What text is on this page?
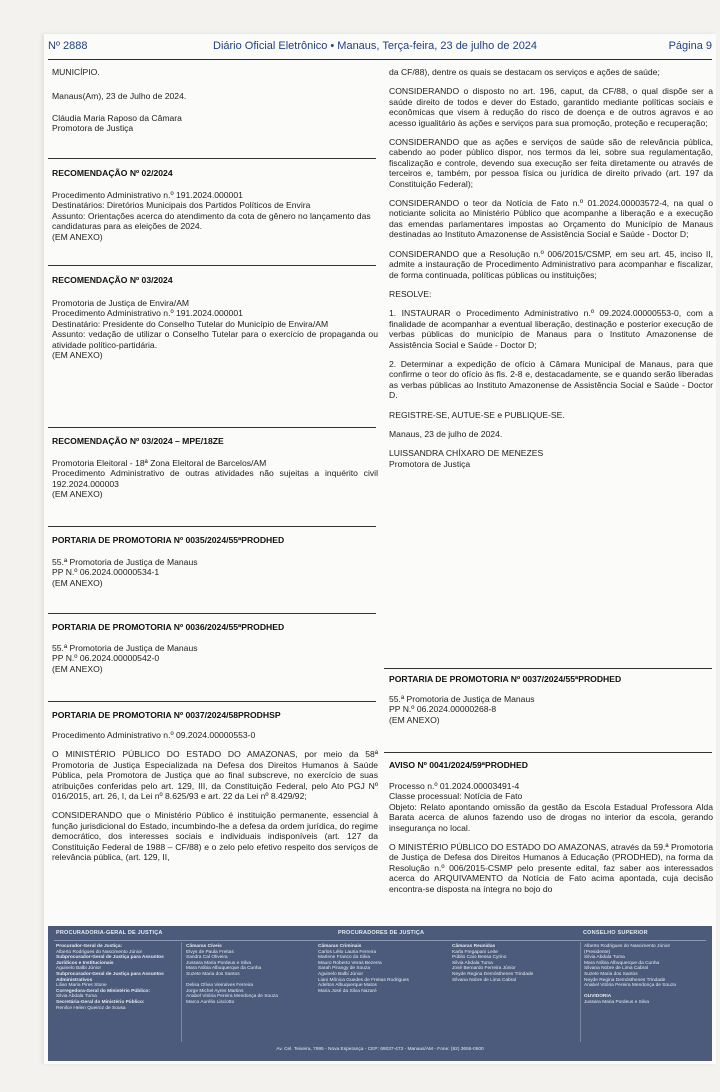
Nº 2888	Diário Oficial Eletrônico • Manaus, Terça-feira, 23 de julho de 2024	Página 9
MUNICÍPIO.
Manaus(Am), 23 de Julho de 2024.
Cláudia Maria Raposo da Câmara
Promotora de Justiça
RECOMENDAÇÃO Nº 02/2024
Procedimento Administrativo n.º 191.2024.000001
Destinatários: Diretórios Municipais dos Partidos Políticos de Envira
Assunto: Orientações acerca do atendimento da cota de gênero no lançamento das
candidaturas para as eleições de 2024.
(EM ANEXO)
RECOMENDAÇÃO Nº 03/2024
Promotoria de Justiça de Envira/AM
Procedimento Administrativo n.º 191.2024.000001
Destinatário: Presidente do Conselho Tutelar do Município de Envira/AM
Assunto: vedação de utilizar o Conselho Tutelar para o exercício de propaganda ou atividade político-partidária.
(EM ANEXO)
RECOMENDAÇÃO Nº 03/2024 – MPE/18ZE
Promotoria Eleitoral - 18ª Zona Eleitoral de Barcelos/AM
Procedimento Administrativo de outras atividades não sujeitas a inquérito civil 192.2024.000003
(EM ANEXO)
PORTARIA DE PROMOTORIA Nº 0035/2024/55ªPRODHED
55.ª Promotoria de Justiça de Manaus
PP N.º 06.2024.00000534-1
(EM ANEXO)
PORTARIA DE PROMOTORIA Nº 0036/2024/55ªPRODHED
55.ª Promotoria de Justiça de Manaus
PP N.º 06.2024.00000542-0
(EM ANEXO)
PORTARIA DE PROMOTORIA Nº 0037/2024/58PRODHSP

Procedimento Administrativo n.º 09.2024.00000553-0

O MINISTÉRIO PÚBLICO DO ESTADO DO AMAZONAS, por meio da 58ª Promotoria de Justiça Especializada na Defesa dos Direitos Humanos à Saúde Pública, pela Promotora de Justiça que ao final subscreve, no exercício de suas atribuições conferidas pelo art. 129, III, da Constituição Federal, pelo Ato PGJ Nº 016/2015, art. 26, I, da Lei nº 8.625/93 e art. 22 da Lei nº 8.429/92;

CONSIDERANDO que o Ministério Público é instituição permanente, essencial à função jurisdicional do Estado, incumbindo-lhe a defesa da ordem jurídica, do regime democrático, dos interesses sociais e individuais indisponíveis (art. 127 da Constituição Federal de 1988 – CF/88) e o zelo pelo efetivo respeito dos serviços de relevância pública, (art. 129, II,

da CF/88), dentre os quais se destacam os serviços e ações de saúde;

CONSIDERANDO o disposto no art. 196, caput, da CF/88, o qual dispõe ser a saúde direito de todos e dever do Estado, garantido mediante políticas sociais e econômicas que visem à redução do risco de doença e de outros agravos e ao acesso igualitário às ações e serviços para sua promoção, proteção e recuperação;

CONSIDERANDO que as ações e serviços de saúde são de relevância pública, cabendo ao poder público dispor, nos termos da lei, sobre sua regulamentação, fiscalização e controle, devendo sua execução ser feita diretamente ou através de terceiros e, também, por pessoa física ou jurídica de direito privado (art. 197 da Constituição Federal);

CONSIDERANDO o teor da Notícia de Fato n.º 01.2024.00003572-4, na qual o noticiante solicita ao Ministério Público que acompanhe a liberação e a execução das emendas parlamentares impostas ao Orçamento do Município de Manaus destinadas ao Instituto Amazonense de Assistência Social e Saúde - Doctor D;

CONSIDERANDO que a Resolução n.º 006/2015/CSMP, em seu art. 45, inciso II, admite a instauração de Procedimento Administrativo para acompanhar e fiscalizar, de forma continuada, políticas públicas ou instituições;

RESOLVE:

1. INSTAURAR o Procedimento Administrativo n.º 09.2024.00000553-0, com a finalidade de acompanhar a eventual liberação, destinação e posterior execução de verbas públicas do município de Manaus para o Instituto Amazonense de Assistência Social e Saúde - Doctor D;

2. Determinar a expedição de ofício à Câmara Municipal de Manaus, para que confirme o teor do ofício às fls. 2-8 e, destacadamente, se e quando serão liberadas as verbas públicas ao Instituto Amazonense de Assistência Social e Saúde - Doctor D.

REGISTRE-SE, AUTUE-SE e PUBLIQUE-SE.

Manaus, 23 de julho de 2024.

LUISSANDRA CHÍXARO DE MENEZES
Promotora de Justiça
PORTARIA DE PROMOTORIA Nº 0037/2024/55ªPRODHED
55.ª Promotoria de Justiça de Manaus
PP N.º 06.2024.00000268-8
(EM ANEXO)
AVISO Nº 0041/2024/59ªPRODHED
Processo n.º 01.2024.00003491-4
Classe processual: Notícia de Fato

Objeto: Relato apontando omissão da gestão da Escola Estadual Professora Alda Barata acerca de alunos fazendo uso de drogas no interior da escola, gerando insegurança no local.

O MINISTÉRIO PÚBLICO DO ESTADO DO AMAZONAS, através da 59.ª Promotoria de Justiça de Defesa dos Direitos Humanos à Educação (PRODHED), na forma da Resolução n.º 006/2015-CSMP pelo presente edital, faz saber aos interessados acerca do ARQUIVAMENTO da Notícia de Fato acima apontada, cuja decisão encontra-se disposta na íntegra no bojo do

PROCURADORIA-GERAL DE JUSTIÇA	PROCURADORES DE JUSTIÇA	CONSELHO SUPERIOR
Procurador-Geral de Justiça:
Alberto Rodrigues do Nascimento Júnior
Subprocurador-Geral de Justiça para Assuntos Jurídicos e Institucionais
Aguinelo Balbi Júnior
Subprocurador-Geral de Justiça para Assuntos Administrativos
Lilian Maria Pires Stone
Corregedora-Geral do Ministério Público:
Silvia Abdala Tuma
Secretária-Geral do Ministério Público:
Renilce Helen Queiroz de Sousa
Câmaras Cíveis
Elvys de Paula Freitas
Sandra Cal Oliveira
Jussara Maria Pordeus e Silva
Mara Nóbia Albuquerque da Cunha
Suzete Maria dos Santos

Delisa Olívia Vieiralves Ferreira
Jorge Michel Ayres Martins
Anabel Vitória Pereira Mendonça de Souza
Marco Aurélio Lisciotto
Câmaras Criminais
Carlos Lélio Lauria Ferreira
Marlene Franco da Silva
Mauro Roberto Veras Bezerra
Sarah Pirangy de Souza
Aguinelo Balbi Júnior
Liani Mônica Guedes de Freitas Rodrigues
Adelton Albuquerque Matos
Maria José da Silva Nazaré
Câmaras Reunidas
Karla Fregapani Leite
Públio Caio Bessa Cyrino
Silvia Abdala Tuma
José Bernardo Ferreira Júnior
Neyde Regina Demósthenes Trindade
Silvana Nobre de Lima Cabral
Alberto Rodrigues do Nascimento Júnior
(Presidente)
Silvia Abdala Tuma
Mara Nóbia Albuquerque da Cunha
Silvana Nobre de Lima Cabral
Suzete Maria dos Santos
Neyde Regina Demósthenes Trindade
Anabel Vitória Pereira Mendonça de Souza

OUVIDORIA
Jussara Maria Pordeus e Silva
Av. Cel. Teixeira, 7995 - Nova Esperança - CEP: 69037-473 - Manaus/AM - Fone: (92) 3655-0500
